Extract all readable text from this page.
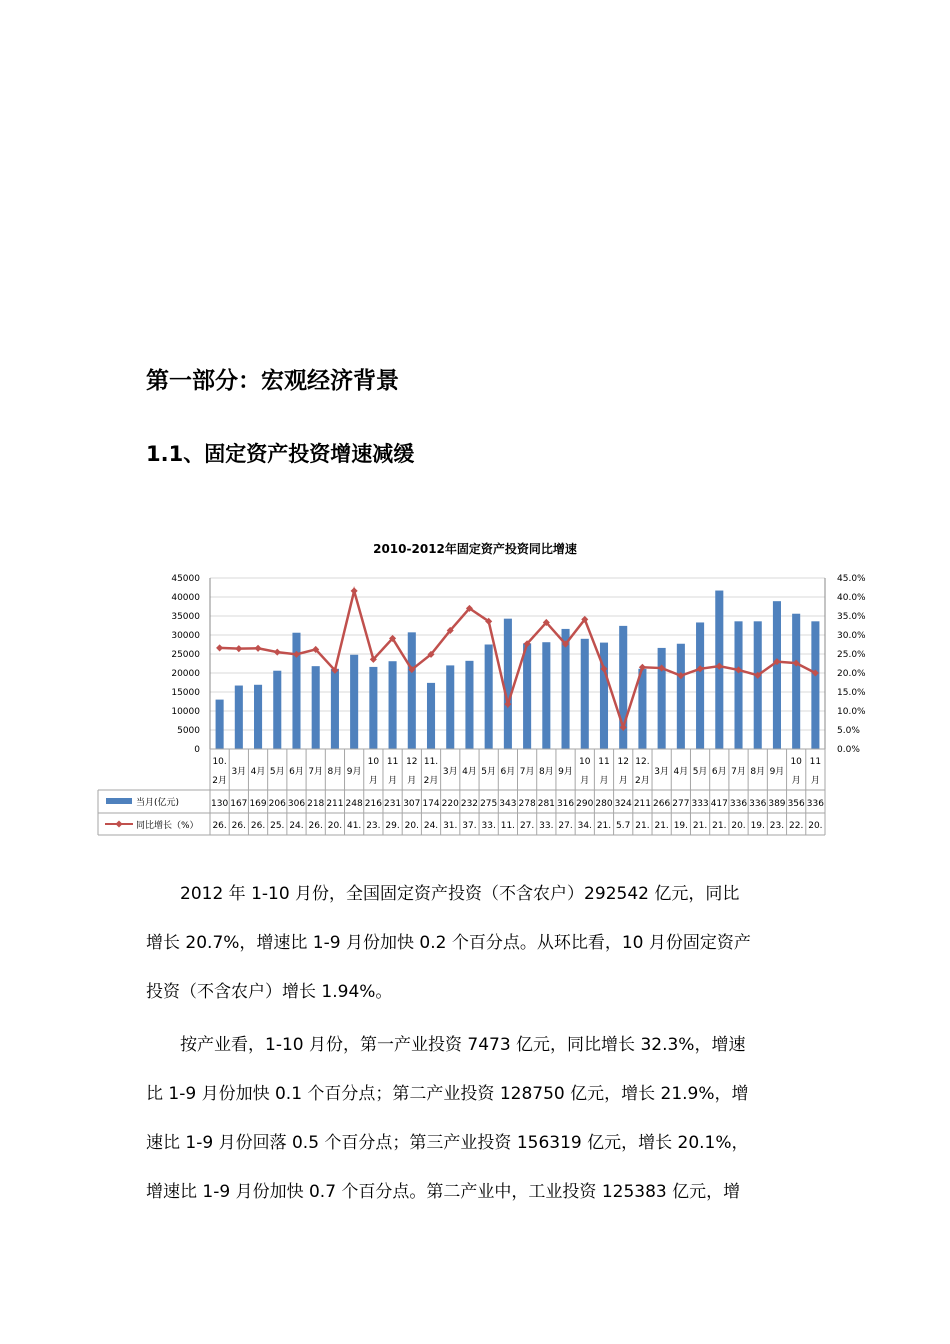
第一部分：宏观经济背景
1.1、固定资产投资增速减缓
2010-2012年固定资产投资同比增速
0
5000
10000
15000
20000
25000
30000
35000
40000
45000
0.0%
5.0%
10.0%
15.0%
20.0%
25.0%
30.0%
35.0%
40.0%
45.0%
10.
2月
3月 4月 5月 6月 7月 8月 9月
10
月
11
月
12
月
11.
2月
3月 4月 5月 6月 7月 8月 9月
10
月
11
月
12
月
12.
2月
3月 4月 5月 6月 7月 8月 9月
10
月
11
月
130 167 169 206 306 218 211 248 216 231 307 174 220 232 275 343 278 281 316 290 280 324 211 266 277 333 417 336 336 389 356 336
26. 26. 26. 25. 24. 26. 20. 41. 23. 29. 20. 24. 31. 37. 33. 11. 27. 33. 27. 34. 21. 5.7 21. 21. 19. 21. 21. 20. 19. 23. 22. 20.
当月(亿元)
同比增长（%）
　　2012 年 1-10 月份，全国固定资产投资（不含农户）292542 亿元，同比
增长 20.7%，增速比 1-9 月份加快 0.2 个百分点。从环比看，10 月份固定资产
投资（不含农户）增长 1.94%。
　　按产业看，1-10 月份，第一产业投资 7473 亿元，同比增长 32.3%，增速
比 1-9 月份加快 0.1 个百分点；第二产业投资 128750 亿元，增长 21.9%，增
速比 1-9 月份回落 0.5 个百分点；第三产业投资 156319 亿元，增长 20.1%，
增速比 1-9 月份加快 0.7 个百分点。第二产业中，工业投资 125383 亿元，增
